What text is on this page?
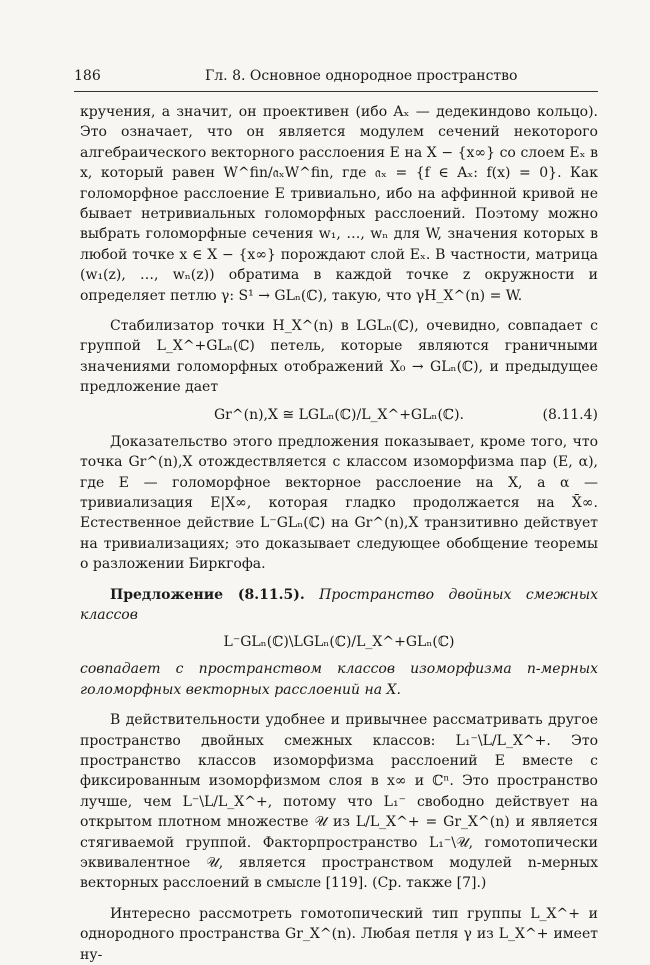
186	Гл. 8. Основное однородное пространство

кручения, а значит, он проективен (ибо Aₓ — дедекиндово кольцо). Это означает, что он является модулем сечений некоторого алгебраического векторного расслоения E на X − {x∞} со слоем Eₓ в x, который равен W^fin/𝔞ₓW^fin, где 𝔞ₓ = {f ∈ Aₓ: f(x) = 0}. Как голоморфное расслоение E тривиально, ибо на аффинной кривой не бывает нетривиальных голоморфных расслоений. Поэтому можно выбрать голоморфные сечения w₁, …, wₙ для W, значения которых в любой точке x ∈ X − {x∞} порождают слой Eₓ. В частности, матрица (w₁(z), …, wₙ(z)) обратима в каждой точке z окружности и определяет петлю γ: S¹ → GLₙ(ℂ), такую, что γH_X^(n) = W.

Стабилизатор точки H_X^(n) в LGLₙ(ℂ), очевидно, совпадает с группой L_X^+GLₙ(ℂ) петель, которые являются граничными значениями голоморфных отображений X₀ → GLₙ(ℂ), и предыдущее предложение дает

Gr^(n),X ≅ LGLₙ(ℂ)/L_X^+GLₙ(ℂ).	(8.11.4)

Доказательство этого предложения показывает, кроме того, что точка Gr^(n),X отождествляется с классом изоморфизма пар (E, α), где E — голоморфное векторное расслоение на X, а α — тривиализация E|X∞, которая гладко продолжается на X̄∞. Естественное действие L⁻GLₙ(ℂ) на Gr^(n),X транзитивно действует на тривиализациях; это доказывает следующее обобщение теоремы о разложении Биркгофа.

Предложение (8.11.5). Пространство двойных смежных классов

L⁻GLₙ(ℂ)\LGLₙ(ℂ)/L_X^+GLₙ(ℂ)

совпадает с пространством классов изоморфизма n-мерных голоморфных векторных расслоений на X.

В действительности удобнее и привычнее рассматривать другое пространство двойных смежных классов: L₁⁻\L/L_X^+. Это пространство классов изоморфизма расслоений E вместе с фиксированным изоморфизмом слоя в x∞ и ℂⁿ. Это пространство лучше, чем L⁻\L/L_X^+, потому что L₁⁻ свободно действует на открытом плотном множестве 𝒰 из L/L_X^+ = Gr_X^(n) и является стягиваемой группой. Факторпространство L₁⁻\𝒰, гомотопически эквивалентное 𝒰, является пространством модулей n-мерных векторных расслоений в смысле [119]. (Ср. также [7].)

Интересно рассмотреть гомотопический тип группы L_X^+ и однородного пространства Gr_X^(n). Любая петля γ из L_X^+ имеет ну-
